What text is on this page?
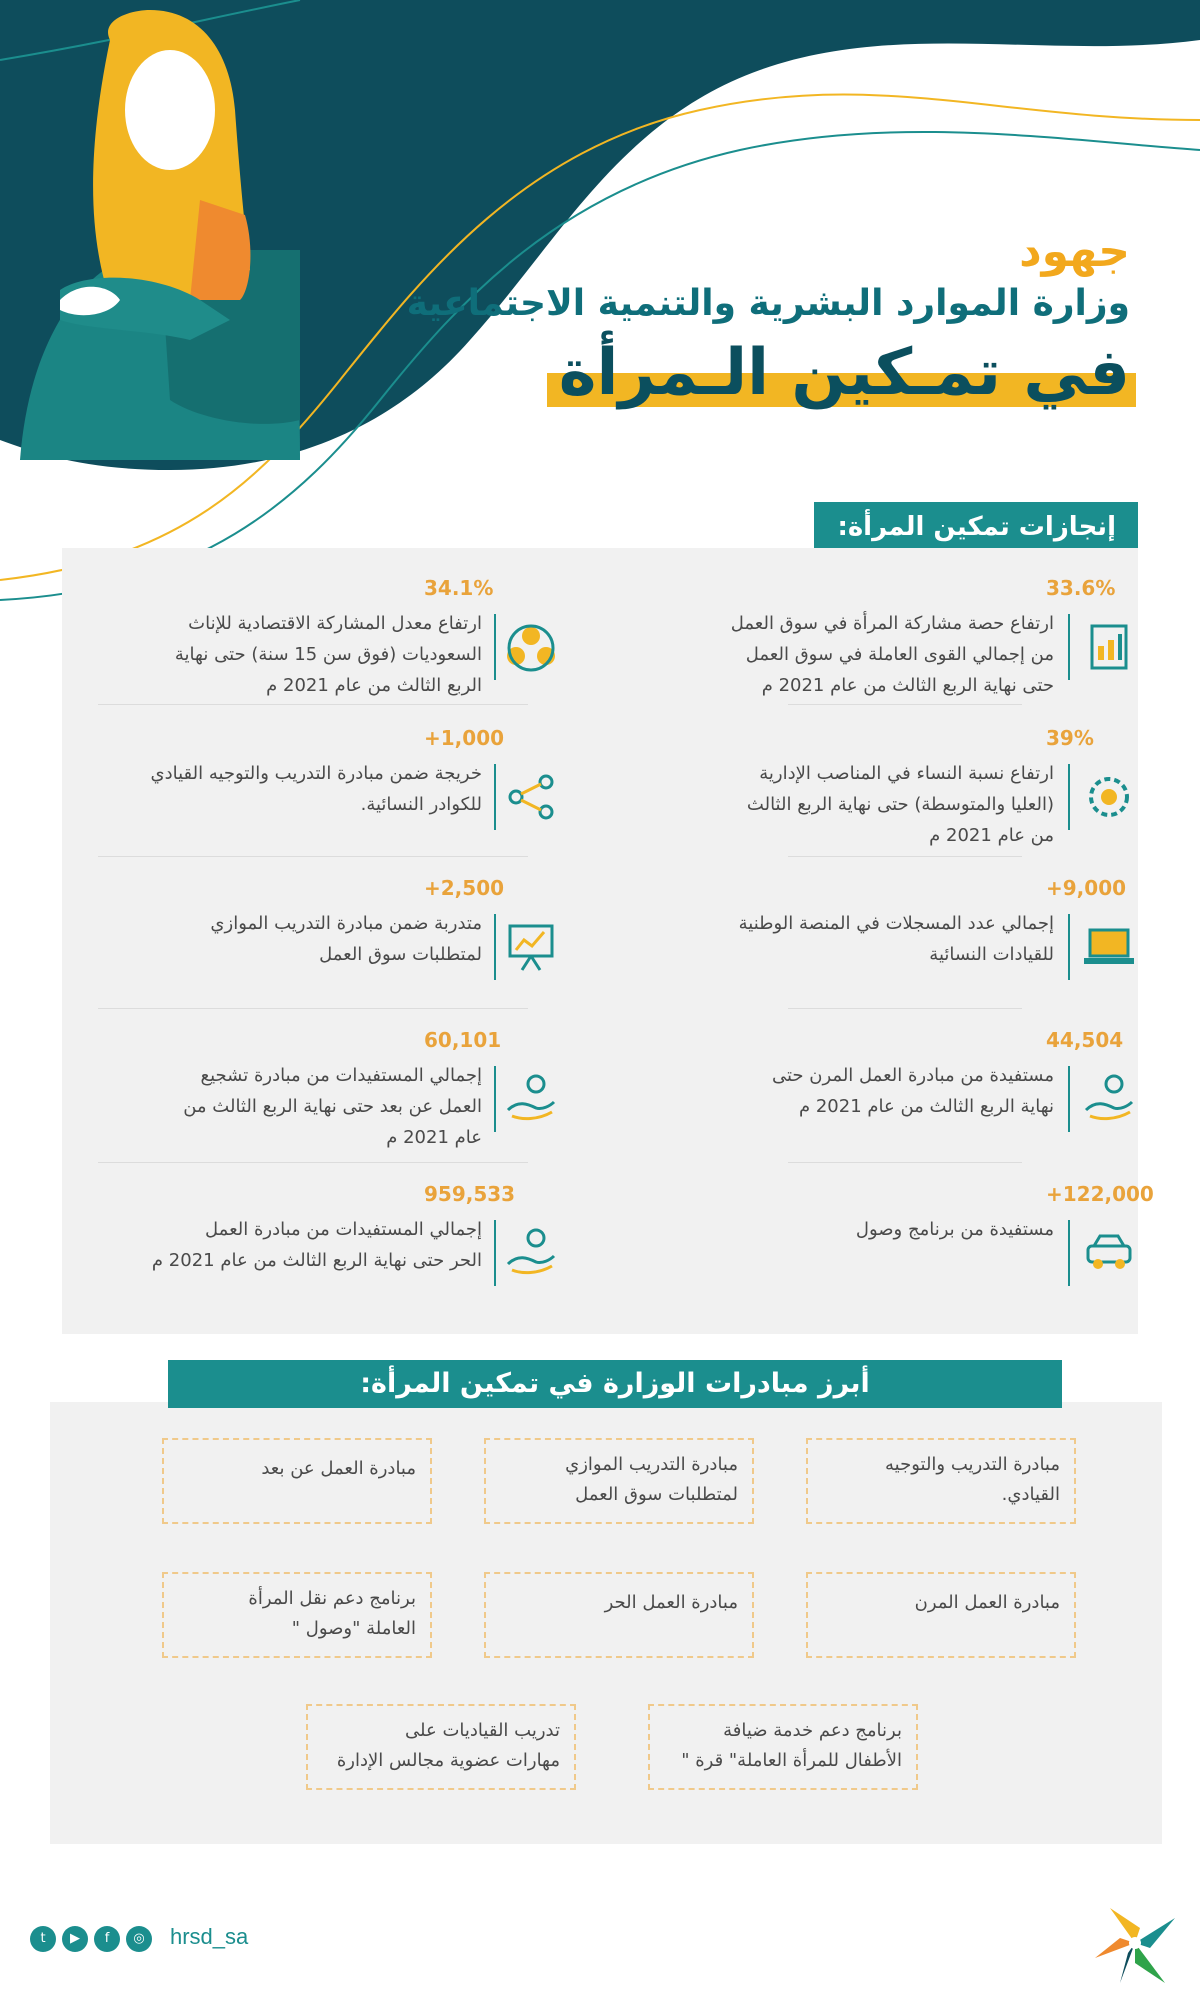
جهود
وزارة الموارد البشرية والتنمية الاجتماعية
في تمـكين الـمرأة
إنجازات تمكين المرأة:
33.6%
ارتفاع حصة مشاركة المرأة في سوق العمل
من إجمالي القوى العاملة في سوق العمل
حتى نهاية الربع الثالث من عام 2021 م
34.1%
ارتفاع معدل المشاركة الاقتصادية للإناث
السعوديات (فوق سن 15 سنة) حتى نهاية
الربع الثالث من عام 2021 م
39%
ارتفاع نسبة النساء في المناصب الإدارية
(العليا والمتوسطة) حتى نهاية الربع الثالث
من عام 2021 م
+1,000
خريجة ضمن مبادرة التدريب والتوجيه القيادي
للكوادر النسائية.
+9,000
إجمالي عدد المسجلات في المنصة الوطنية
للقيادات النسائية
+2,500
متدربة ضمن مبادرة التدريب الموازي
لمتطلبات سوق العمل
44,504
مستفيدة من مبادرة العمل المرن حتى
نهاية الربع الثالث من عام 2021 م
60,101
إجمالي المستفيدات من مبادرة تشجيع
العمل عن بعد حتى نهاية الربع الثالث من
عام 2021 م
+122,000
مستفيدة من برنامج وصول
959,533
إجمالي المستفيدات من مبادرة العمل
الحر حتى نهاية الربع الثالث من عام 2021 م
مبادرة التدريب والتوجيه
القيادي.
مبادرة التدريب الموازي
لمتطلبات سوق العمل
مبادرة العمل عن بعد
مبادرة العمل المرن
مبادرة العمل الحر
برنامج دعم نقل المرأة
العاملة "وصول "
برنامج دعم خدمة ضيافة
الأطفال للمرأة العاملة" قرة "
تدريب القياديات على
مهارات عضوية مجالس الإدارة
أبرز مبادرات الوزارة في تمكين المرأة:
t	▶	f	◎	hrsd_sa
